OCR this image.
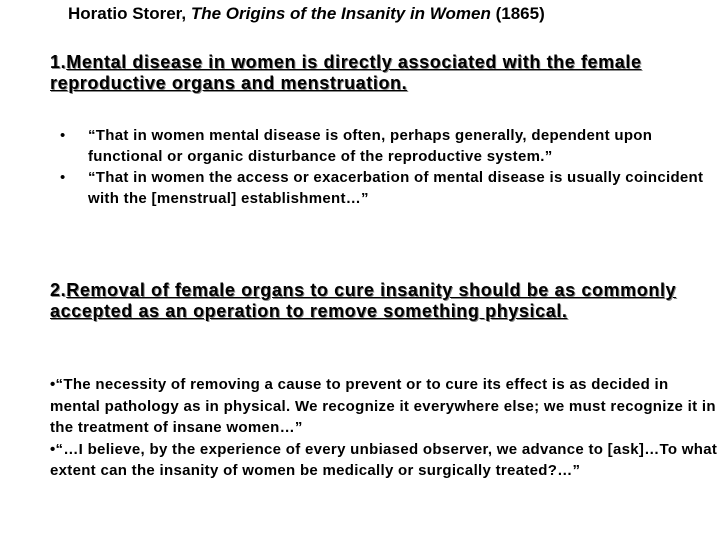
Horatio Storer, The Origins of the Insanity in Women (1865)
1.Mental disease in women is directly associated with the female reproductive organs and menstruation.
• “That in women mental disease is often, perhaps generally, dependent upon functional or organic disturbance of the reproductive system.”
• “That in women the access or exacerbation of mental disease is usually coincident with the [menstrual] establishment…”
2.Removal of female organs to cure insanity should be as commonly accepted as an operation to remove something physical.

•“The necessity of removing a cause to prevent or to cure its effect is as decided in mental pathology as in physical. We recognize it everywhere else; we must recognize it in the treatment of insane women…”

•“…I believe, by the experience of every unbiased observer, we advance to [ask]…To what extent can the insanity of women be medically or surgically treated?…”
